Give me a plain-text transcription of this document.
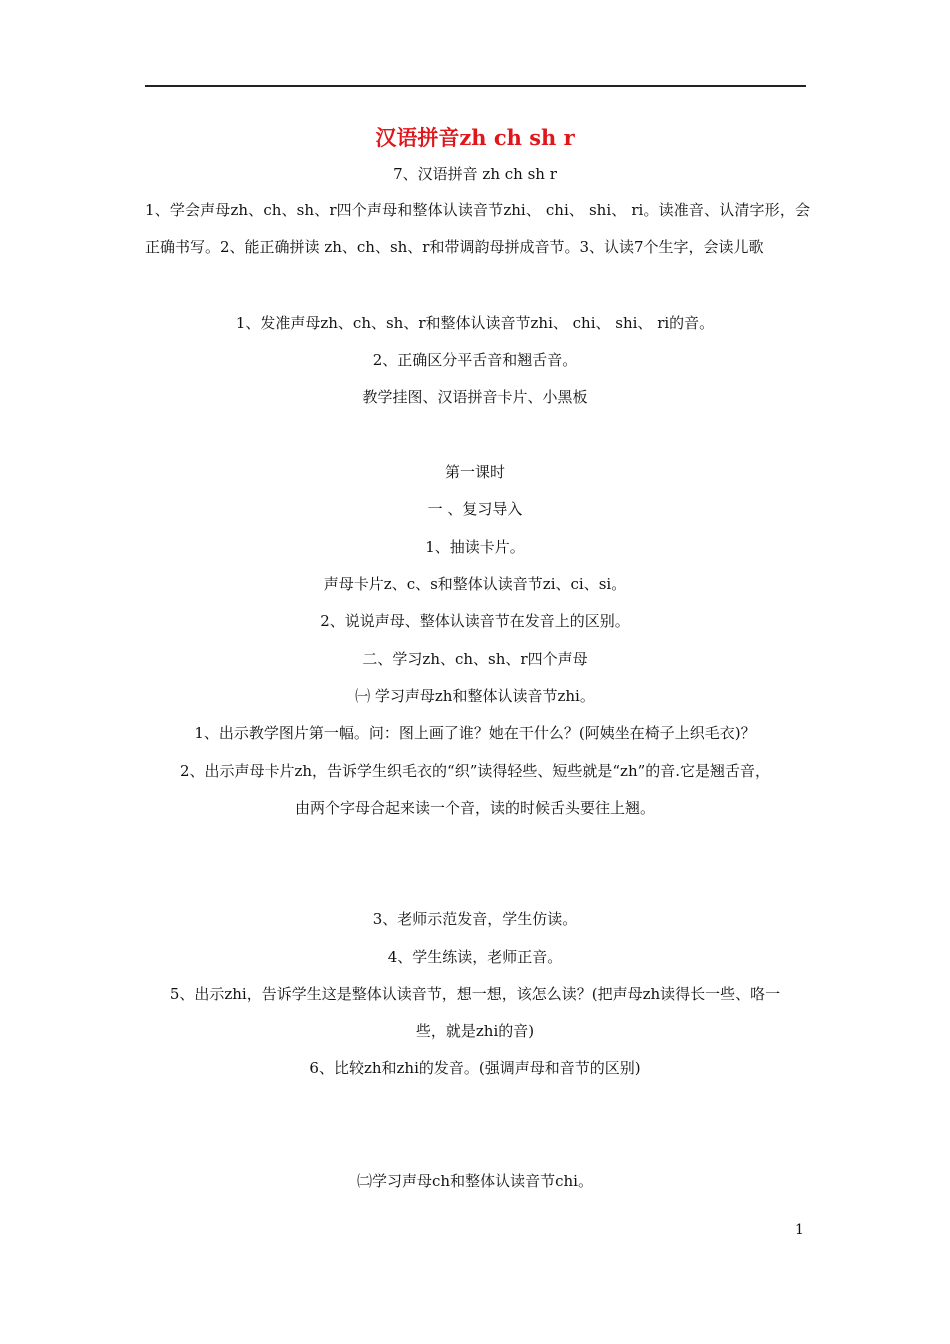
汉语拼音zh ch sh r
7、汉语拼音 zh ch sh r
1、学会声母zh、ch、sh、r四个声母和整体认读音节zhi、 chi、 shi、 ri。读准音、认清字形，会正确书写。2、能正确拼读 zh、ch、sh、r和带调韵母拼成音节。3、认读7个生字，会读儿歌
1、发准声母zh、ch、sh、r和整体认读音节zhi、 chi、 shi、 ri的音。
2、正确区分平舌音和翘舌音。
教学挂图、汉语拼音卡片、小黑板
第一课时
一 、复习导入
1、抽读卡片。
声母卡片z、c、s和整体认读音节zi、ci、si。
2、说说声母、整体认读音节在发音上的区别。
二、学习zh、ch、sh、r四个声母
㈠ 学习声母zh和整体认读音节zhi。
1、出示教学图片第一幅。问：图上画了谁？她在干什么？(阿姨坐在椅子上织毛衣)？
2、出示声母卡片zh，告诉学生织毛衣的“织”读得轻些、短些就是“zh”的音.它是翘舌音，
由两个字母合起来读一个音，读的时候舌头要往上翘。
3、老师示范发音，学生仿读。
4、学生练读，老师正音。
5、出示zhi，告诉学生这是整体认读音节，想一想，该怎么读？(把声母zh读得长一些、咯一
些，就是zhi的音)
6、比较zh和zhi的发音。(强调声母和音节的区别)
㈡学习声母ch和整体认读音节chi。
1
